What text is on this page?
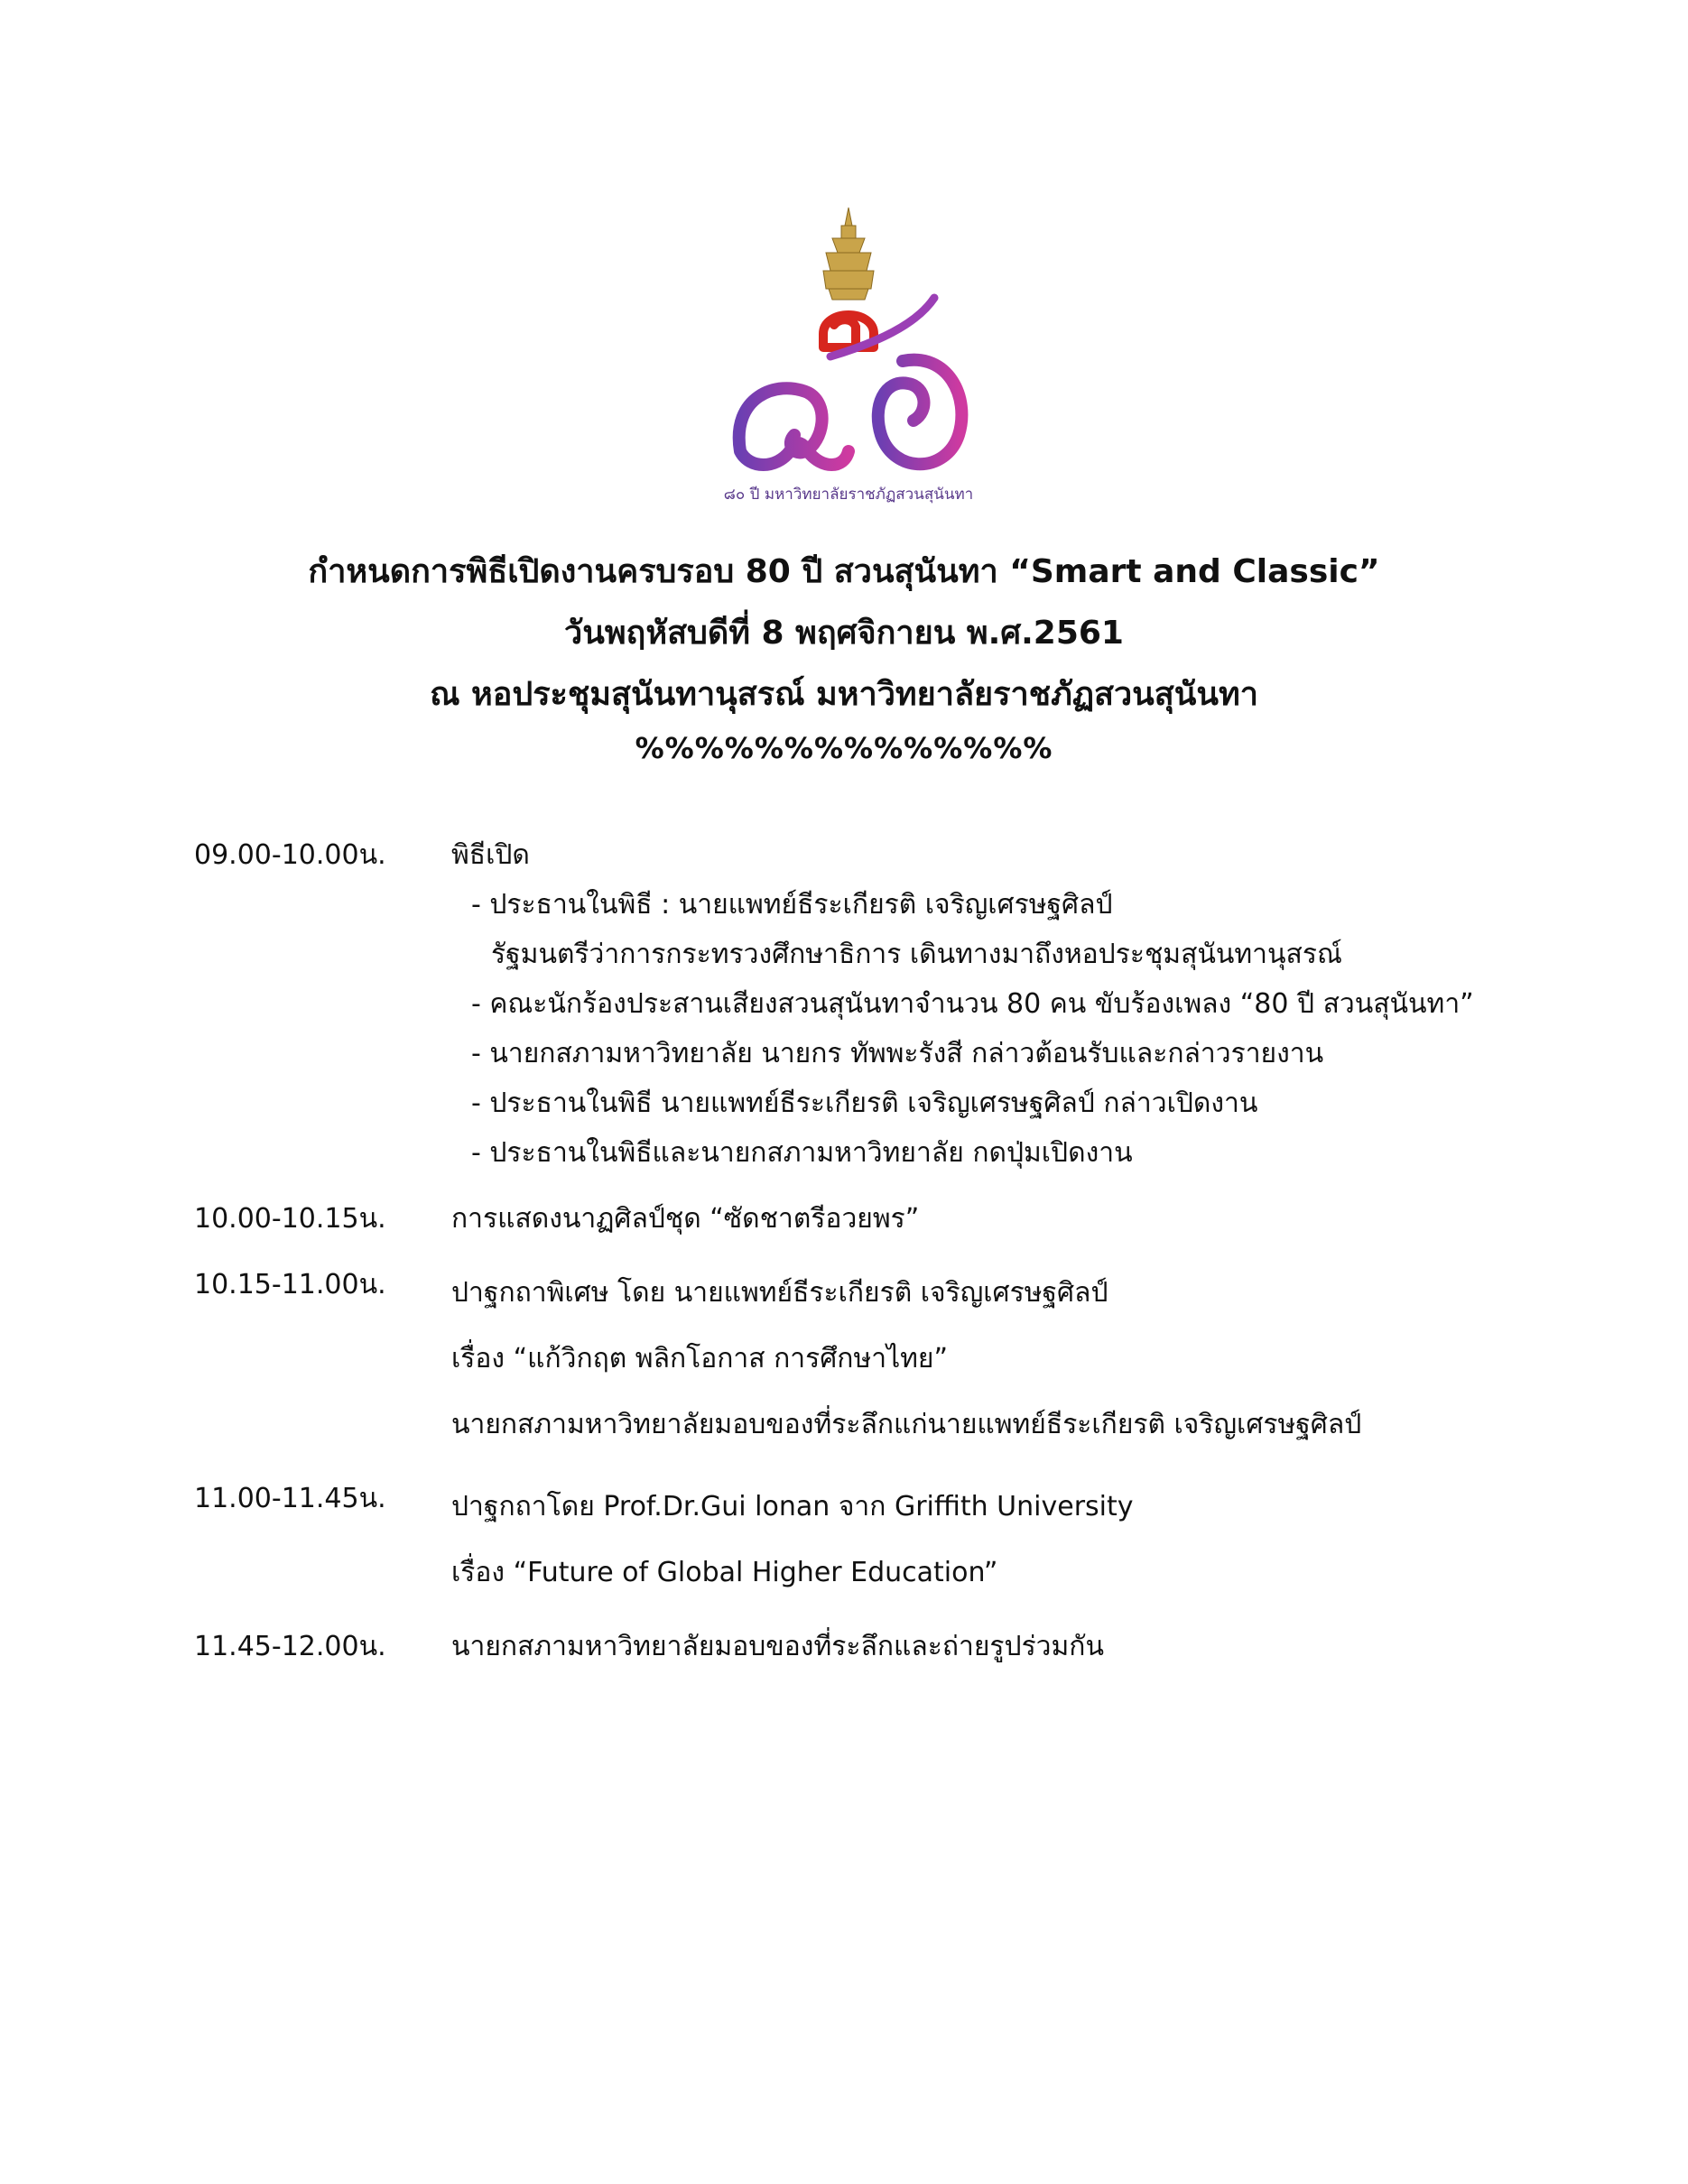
๘๐ ปี มหาวิทยาลัยราชภัฏสวนสุนันทา
กำหนดการพิธีเปิดงานครบรอบ 80 ปี สวนสุนันทา “Smart and Classic”
วันพฤหัสบดีที่ 8 พฤศจิกายน พ.ศ.2561
ณ หอประชุมสุนันทานุสรณ์ มหาวิทยาลัยราชภัฏสวนสุนันทา
%%%%%%%%%%%%%%
09.00-10.00น.	พิธีเปิด
- ประธานในพิธี : นายแพทย์ธีระเกียรติ เจริญเศรษฐศิลป์
รัฐมนตรีว่าการกระทรวงศึกษาธิการ เดินทางมาถึงหอประชุมสุนันทานุสรณ์
- คณะนักร้องประสานเสียงสวนสุนันทาจำนวน 80 คน ขับร้องเพลง “80 ปี สวนสุนันทา”
- นายกสภามหาวิทยาลัย นายกร ทัพพะรังสี กล่าวต้อนรับและกล่าวรายงาน
- ประธานในพิธี นายแพทย์ธีระเกียรติ เจริญเศรษฐศิลป์ กล่าวเปิดงาน
- ประธานในพิธีและนายกสภามหาวิทยาลัย กดปุ่มเปิดงาน
10.00-10.15น.	การแสดงนาฏศิลป์ชุด “ซัดชาตรีอวยพร”
10.15-11.00น.	ปาฐกถาพิเศษ โดย นายแพทย์ธีระเกียรติ เจริญเศรษฐศิลป์
เรื่อง “แก้วิกฤต พลิกโอกาส การศึกษาไทย”
นายกสภามหาวิทยาลัยมอบของที่ระลึกแก่นายแพทย์ธีระเกียรติ เจริญเศรษฐศิลป์
11.00-11.45น.	ปาฐกถาโดย Prof.Dr.Gui lonan จาก Griffith University
เรื่อง “Future of Global Higher Education”
11.45-12.00น.	นายกสภามหาวิทยาลัยมอบของที่ระลึกและถ่ายรูปร่วมกัน
